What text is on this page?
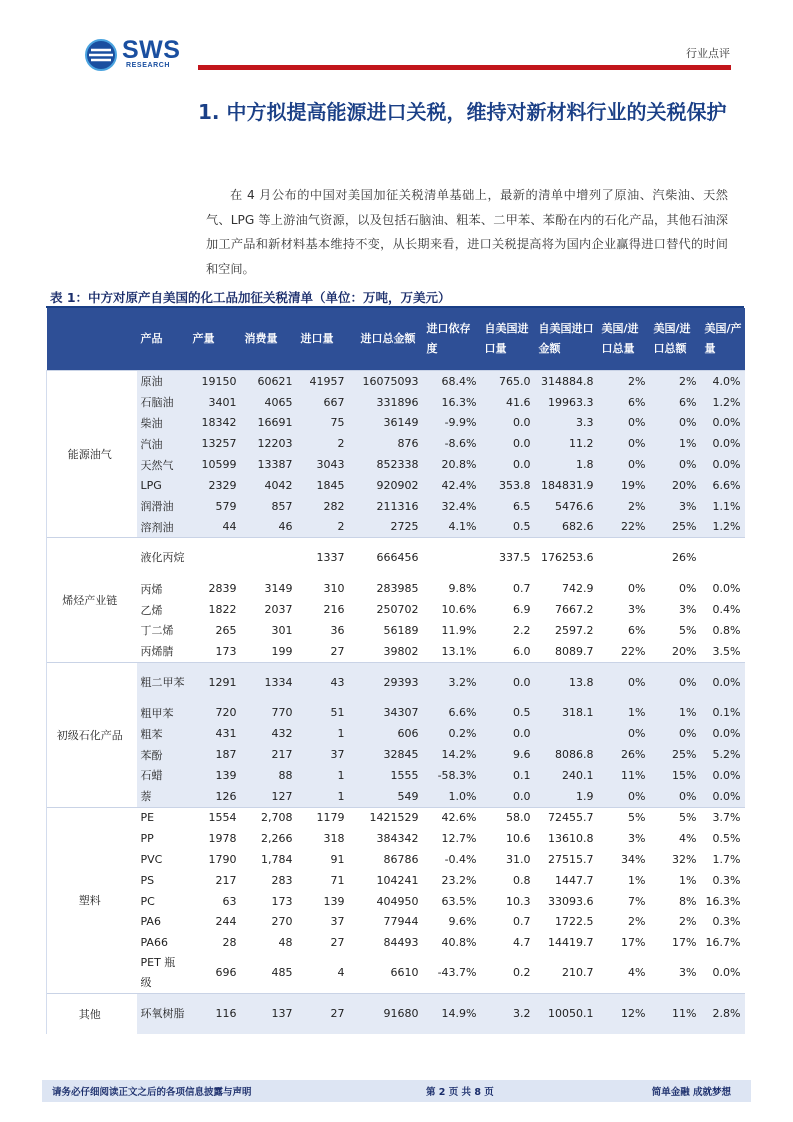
SWS
RESEARCH
行业点评
1. 中方拟提高能源进口关税，维持对新材料行业的关税保护
在 4 月公布的中国对美国加征关税清单基础上，最新的清单中增列了原油、汽柴油、天然气、LPG 等上游油气资源，以及包括石脑油、粗苯、二甲苯、苯酚在内的石化产品，其他石油深加工产品和新材料基本维持不变，从长期来看，进口关税提高将为国内企业赢得进口替代的时间和空间。
表 1：中方对原产自美国的化工品加征关税清单（单位：万吨，万美元）
	产品	产量	消费量	进口量	进口总金额	进口依存度	自美国进口量	自美国进口金额	美国/进口总量	美国/进口总额	美国/产量
能源油气	原油	19150	60621	41957	16075093	68.4%	765.0	314884.8	2%	2%	4.0%
	石脑油	3401	4065	667	331896	16.3%	41.6	19963.3	6%	6%	1.2%
	柴油	18342	16691	75	36149	-9.9%	0.0	3.3	0%	0%	0.0%
	汽油	13257	12203	2	876	-8.6%	0.0	11.2	0%	1%	0.0%
	天然气	10599	13387	3043	852338	20.8%	0.0	1.8	0%	0%	0.0%
	LPG	2329	4042	1845	920902	42.4%	353.8	184831.9	19%	20%	6.6%
	润滑油	579	857	282	211316	32.4%	6.5	5476.6	2%	3%	1.1%
	溶剂油	44	46	2	2725	4.1%	0.5	682.6	22%	25%	1.2%
烯烃产业链	液化丙烷			1337	666456		337.5	176253.6		26%	
	丙烯	2839	3149	310	283985	9.8%	0.7	742.9	0%	0%	0.0%
	乙烯	1822	2037	216	250702	10.6%	6.9	7667.2	3%	3%	0.4%
	丁二烯	265	301	36	56189	11.9%	2.2	2597.2	6%	5%	0.8%
	丙烯腈	173	199	27	39802	13.1%	6.0	8089.7	22%	20%	3.5%
初级石化产品	粗二甲苯	1291	1334	43	29393	3.2%	0.0	13.8	0%	0%	0.0%
	粗甲苯	720	770	51	34307	6.6%	0.5	318.1	1%	1%	0.1%
	粗苯	431	432	1	606	0.2%	0.0		0%	0%	0.0%
	苯酚	187	217	37	32845	14.2%	9.6	8086.8	26%	25%	5.2%
	石蜡	139	88	1	1555	-58.3%	0.1	240.1	11%	15%	0.0%
	萘	126	127	1	549	1.0%	0.0	1.9	0%	0%	0.0%
塑料	PE	1554	2,708	1179	1421529	42.6%	58.0	72455.7	5%	5%	3.7%
	PP	1978	2,266	318	384342	12.7%	10.6	13610.8	3%	4%	0.5%
	PVC	1790	1,784	91	86786	-0.4%	31.0	27515.7	34%	32%	1.7%
	PS	217	283	71	104241	23.2%	0.8	1447.7	1%	1%	0.3%
	PC	63	173	139	404950	63.5%	10.3	33093.6	7%	8%	16.3%
	PA6	244	270	37	77944	9.6%	0.7	1722.5	2%	2%	0.3%
	PA66	28	48	27	84493	40.8%	4.7	14419.7	17%	17%	16.7%
	PET 瓶级	696	485	4	6610	-43.7%	0.2	210.7	4%	3%	0.0%
其他	环氧树脂	116	137	27	91680	14.9%	3.2	10050.1	12%	11%	2.8%
请务必仔细阅读正文之后的各项信息披露与声明	第 2 页 共 8 页	简单金融 成就梦想
